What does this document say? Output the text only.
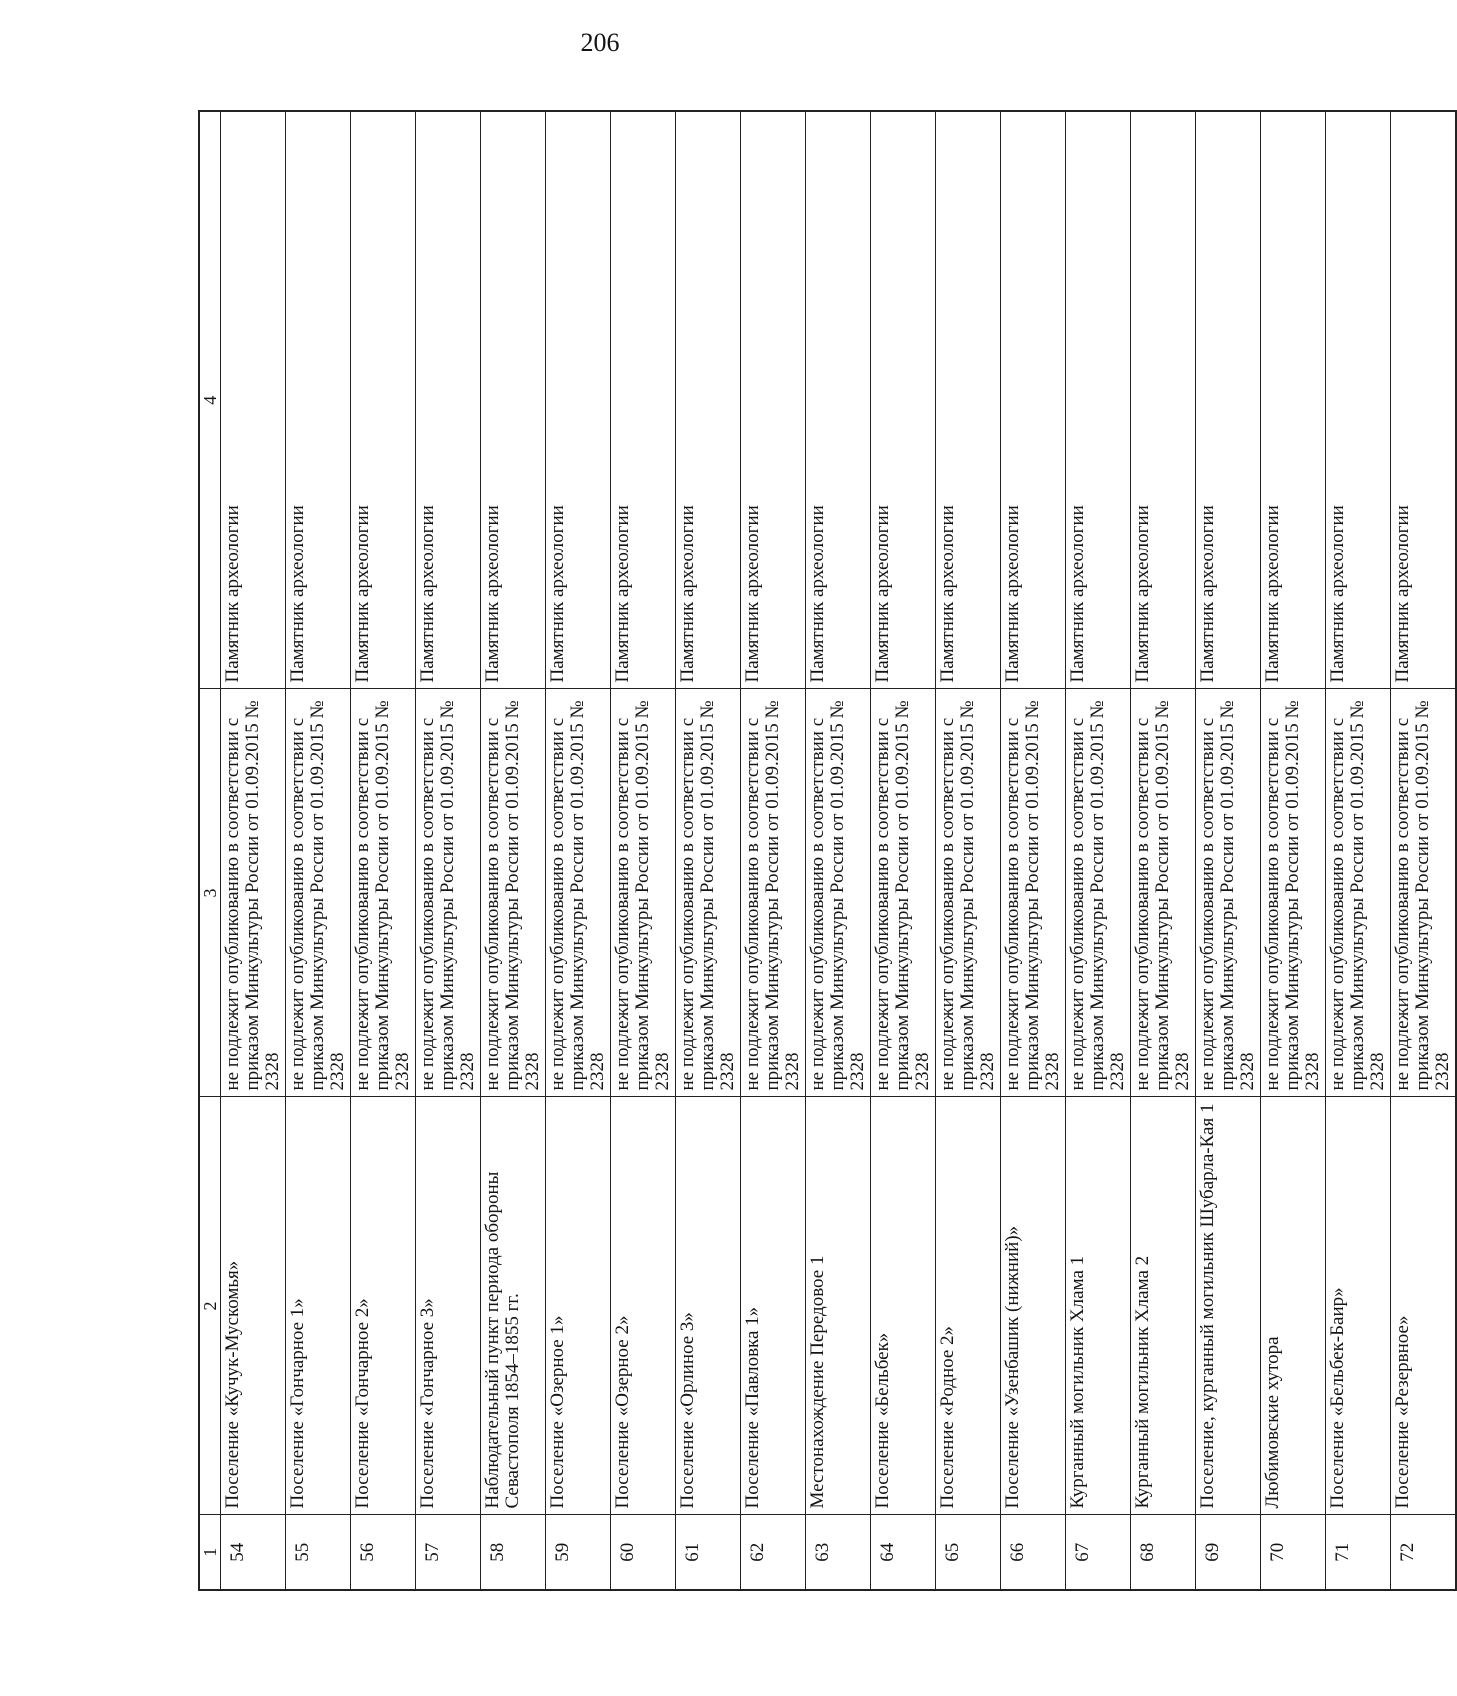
206
1	2	3	4
54	Поселение «Кучук-Мускомья»	не подлежит опубликованию в соответствии с приказом Минкультуры России от 01.09.2015 № 2328	Памятник археологии
55	Поселение «Гончарное 1»	не подлежит опубликованию в соответствии с приказом Минкультуры России от 01.09.2015 № 2328	Памятник археологии
56	Поселение «Гончарное 2»	не подлежит опубликованию в соответствии с приказом Минкультуры России от 01.09.2015 № 2328	Памятник археологии
57	Поселение «Гончарное 3»	не подлежит опубликованию в соответствии с приказом Минкультуры России от 01.09.2015 № 2328	Памятник археологии
58	Наблюдательный пункт периода обороны Севастополя 1854–1855 гг.	не подлежит опубликованию в соответствии с приказом Минкультуры России от 01.09.2015 № 2328	Памятник археологии
59	Поселение «Озерное 1»	не подлежит опубликованию в соответствии с приказом Минкультуры России от 01.09.2015 № 2328	Памятник археологии
60	Поселение «Озерное 2»	не подлежит опубликованию в соответствии с приказом Минкультуры России от 01.09.2015 № 2328	Памятник археологии
61	Поселение «Орлиное 3»	не подлежит опубликованию в соответствии с приказом Минкультуры России от 01.09.2015 № 2328	Памятник археологии
62	Поселение «Павловка 1»	не подлежит опубликованию в соответствии с приказом Минкультуры России от 01.09.2015 № 2328	Памятник археологии
63	Местонахождение Передовое 1	не подлежит опубликованию в соответствии с приказом Минкультуры России от 01.09.2015 № 2328	Памятник археологии
64	Поселение «Бельбек»	не подлежит опубликованию в соответствии с приказом Минкультуры России от 01.09.2015 № 2328	Памятник археологии
65	Поселение «Родное 2»	не подлежит опубликованию в соответствии с приказом Минкультуры России от 01.09.2015 № 2328	Памятник археологии
66	Поселение «Узенбашик (нижний)»	не подлежит опубликованию в соответствии с приказом Минкультуры России от 01.09.2015 № 2328	Памятник археологии
67	Курганный могильник Хлама 1	не подлежит опубликованию в соответствии с приказом Минкультуры России от 01.09.2015 № 2328	Памятник археологии
68	Курганный могильник Хлама 2	не подлежит опубликованию в соответствии с приказом Минкультуры России от 01.09.2015 № 2328	Памятник археологии
69	Поселение, курганный могильник Шубарла-Кая 1	не подлежит опубликованию в соответствии с приказом Минкультуры России от 01.09.2015 № 2328	Памятник археологии
70	Любимовские хутора	не подлежит опубликованию в соответствии с приказом Минкультуры России от 01.09.2015 № 2328	Памятник археологии
71	Поселение «Бельбек-Баир»	не подлежит опубликованию в соответствии с приказом Минкультуры России от 01.09.2015 № 2328	Памятник археологии
72	Поселение «Резервное»	не подлежит опубликованию в соответствии с приказом Минкультуры России от 01.09.2015 № 2328	Памятник археологии
